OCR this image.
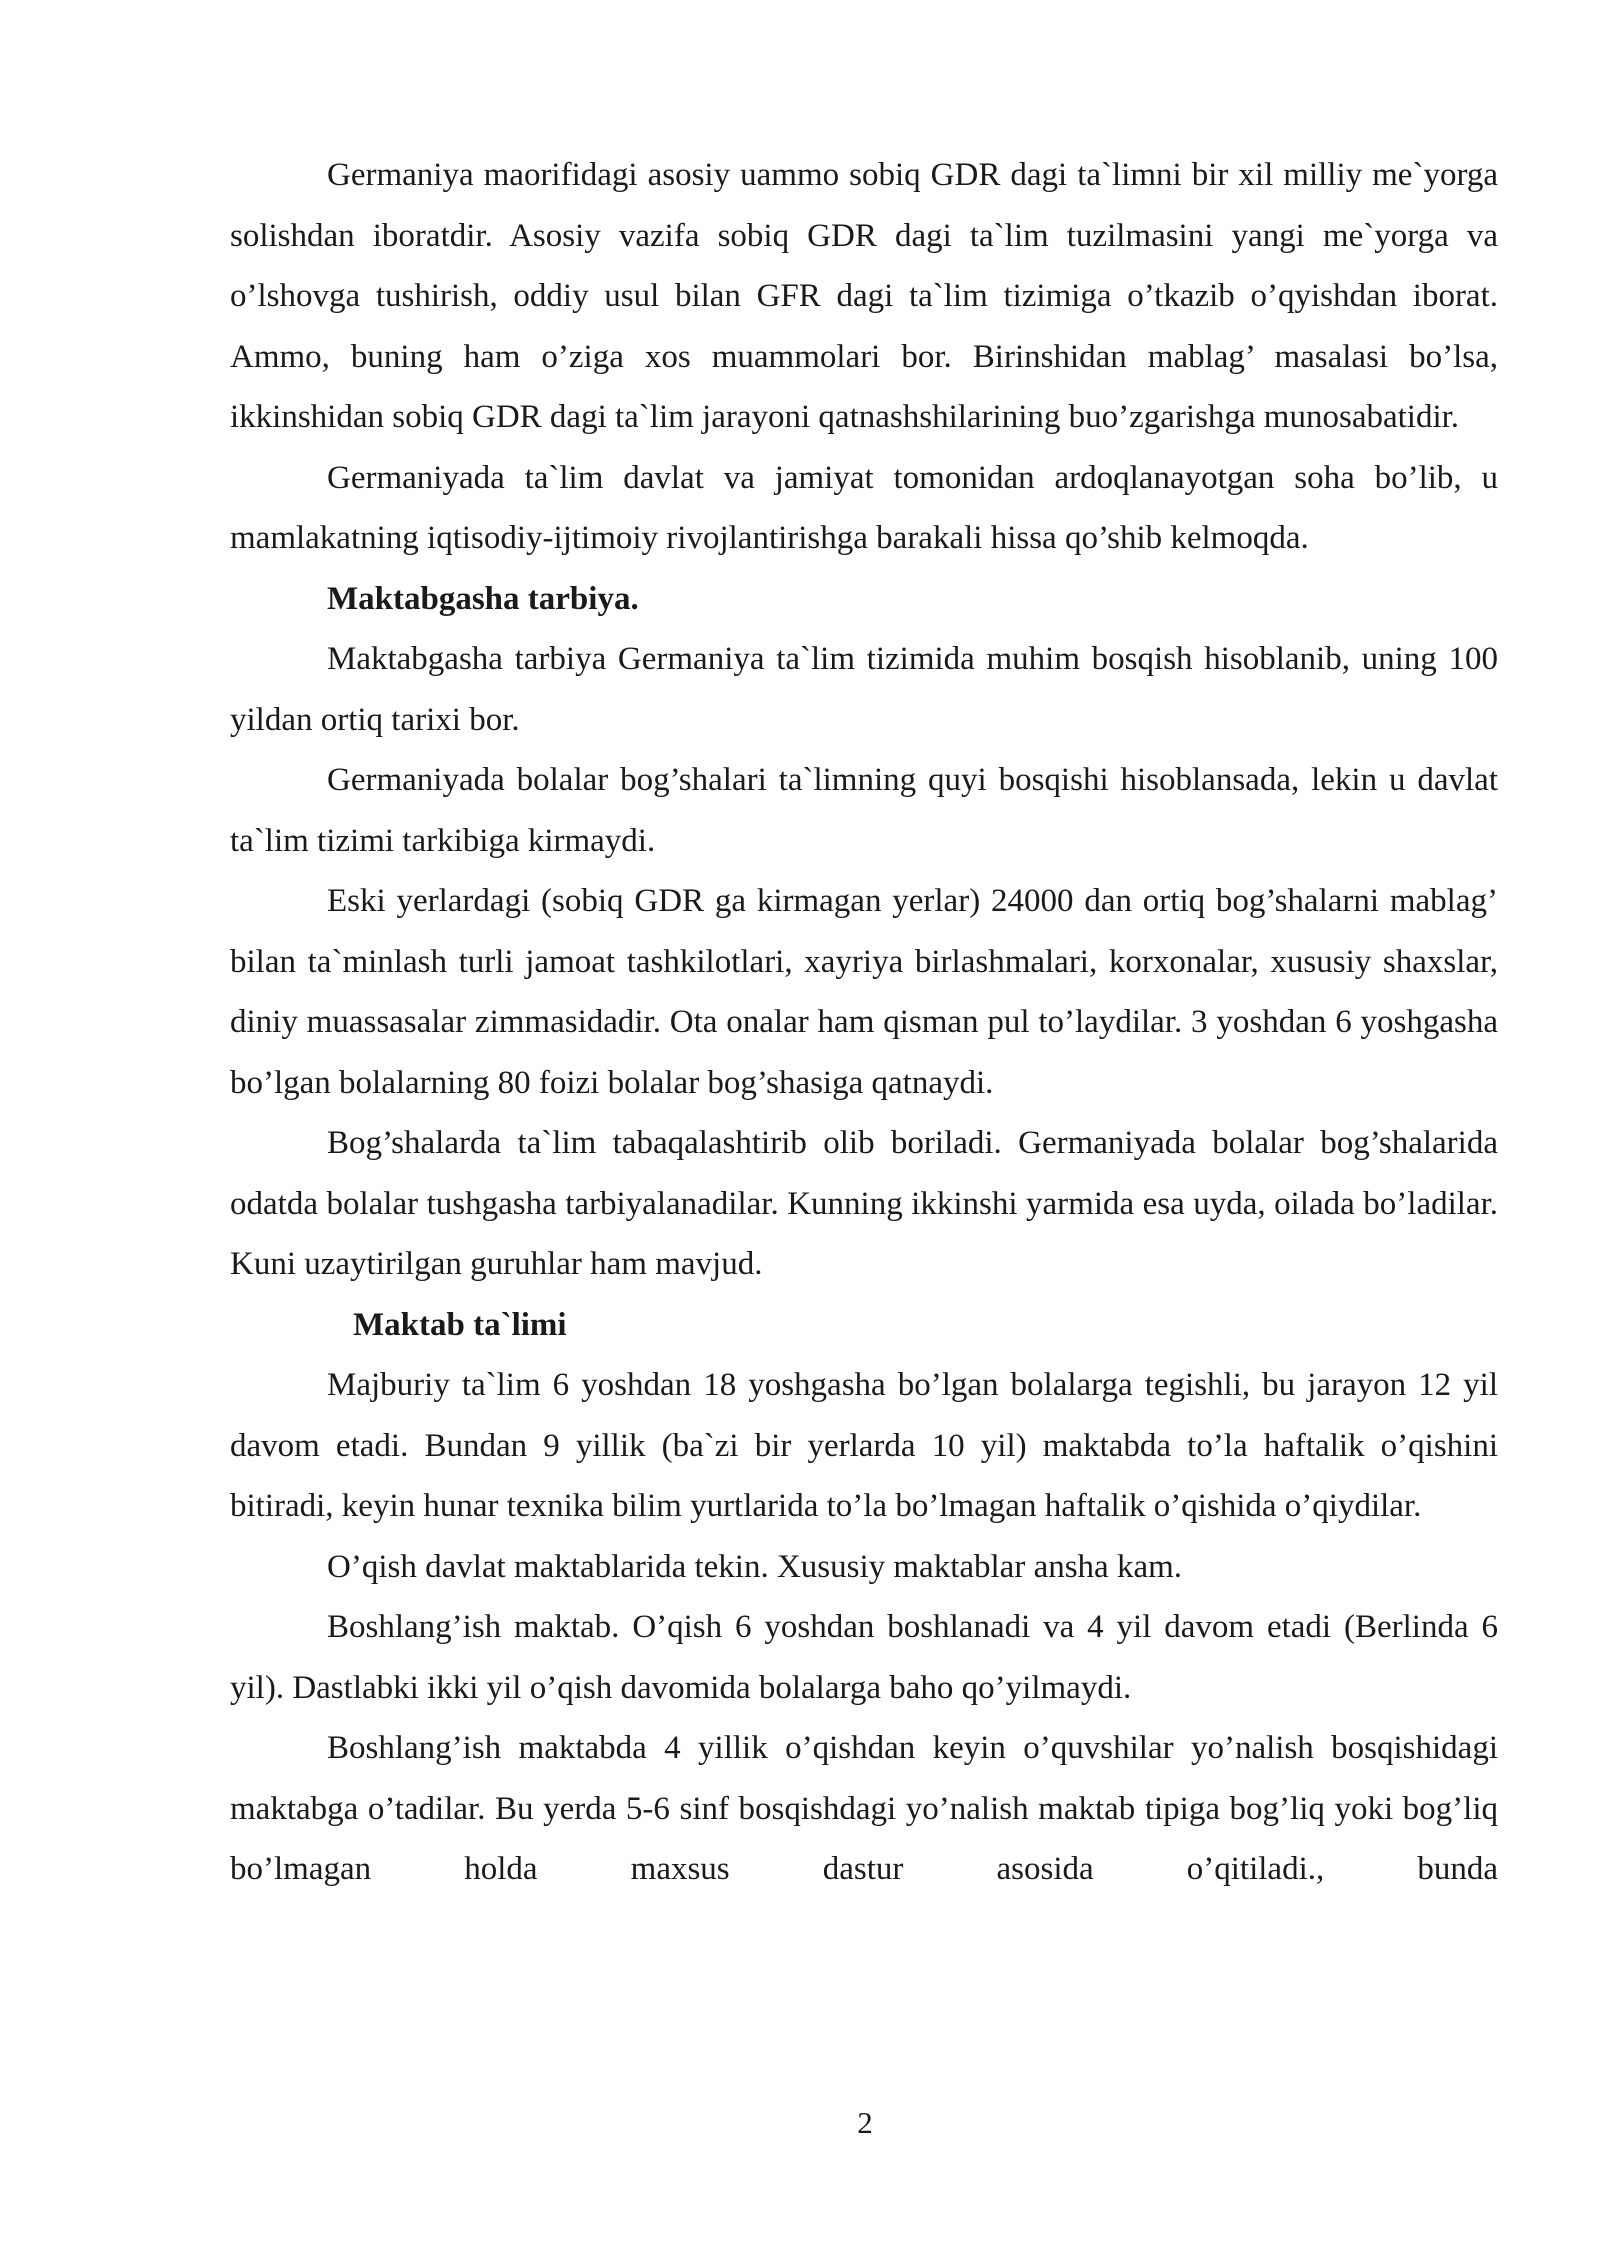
Germaniya maorifidagi asosiy uammo sobiq GDR dagi ta`limni bir xil milliy me`yorga solishdan iboratdir. Asosiy vazifa sobiq GDR dagi ta`lim tuzilmasini yangi me`yorga va o’lshovga tushirish, oddiy usul bilan GFR dagi ta`lim tizimiga o’tkazib o’qyishdan iborat. Ammo, buning ham o’ziga xos muammolari bor. Birinshidan mablag’ masalasi bo’lsa, ikkinshidan sobiq GDR dagi ta`lim jarayoni qatnashshilarining buo’zgarishga munosabatidir.

Germaniyada ta`lim davlat va jamiyat tomonidan ardoqlanayotgan soha bo’lib, u mamlakatning iqtisodiy-ijtimoiy rivojlantirishga barakali hissa qo’shib kelmoqda.

Maktabgasha tarbiya.

Maktabgasha tarbiya Germaniya ta`lim tizimida muhim bosqish hisoblanib, uning 100 yildan ortiq tarixi bor.

Germaniyada bolalar bog’shalari ta`limning quyi bosqishi hisoblansada, lekin u davlat ta`lim tizimi tarkibiga kirmaydi.

Eski yerlardagi (sobiq GDR ga kirmagan yerlar) 24000 dan ortiq bog’shalarni mablag’ bilan ta`minlash turli jamoat tashkilotlari, xayriya birlashmalari, korxonalar, xususiy shaxslar, diniy muassasalar zimmasidadir. Ota onalar ham qisman pul to’laydilar. 3 yoshdan 6 yoshgasha bo’lgan bolalarning 80 foizi bolalar bog’shasiga qatnaydi.

Bog’shalarda ta`lim tabaqalashtirib olib boriladi. Germaniyada bolalar bog’shalarida odatda bolalar tushgasha tarbiyalanadilar. Kunning ikkinshi yarmida esa uyda, oilada bo’ladilar. Kuni uzaytirilgan guruhlar ham mavjud.

Maktab ta`limi

Majburiy ta`lim 6 yoshdan 18 yoshgasha bo’lgan bolalarga tegishli, bu jarayon 12 yil davom etadi. Bundan 9 yillik (ba`zi bir yerlarda 10 yil) maktabda to’la haftalik o’qishini bitiradi, keyin hunar texnika bilim yurtlarida to’la bo’lmagan haftalik o’qishida o’qiydilar.

O’qish davlat maktablarida tekin. Xususiy maktablar ansha kam.

Boshlang’ish maktab. O’qish 6 yoshdan boshlanadi va 4 yil davom etadi (Berlinda 6 yil). Dastlabki ikki yil o’qish davomida bolalarga baho qo’yilmaydi.

Boshlang’ish maktabda 4 yillik o’qishdan keyin o’quvshilar yo’nalish bosqishidagi maktabga o’tadilar. Bu yerda 5-6 sinf bosqishdagi yo’nalish maktab tipiga bog’liq yoki bog’liq bo’lmagan holda maxsus dastur asosida o’qitiladi., bunda

2
